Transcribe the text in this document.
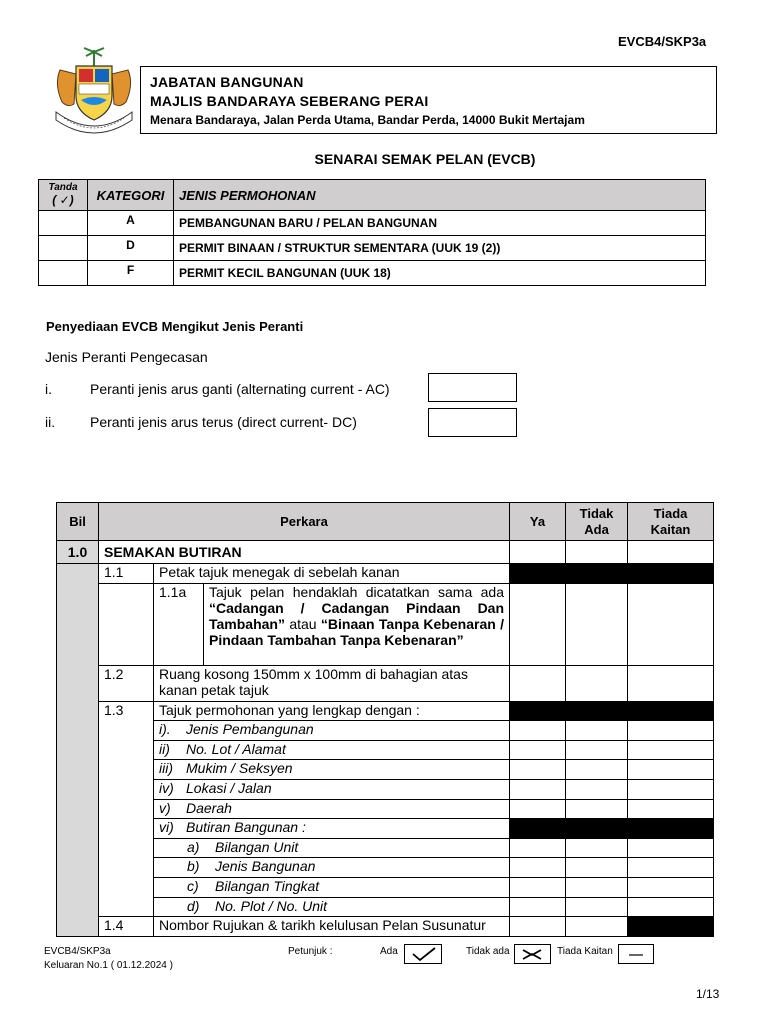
EVCB4/SKP3a
JABATAN BANGUNAN
MAJLIS BANDARAYA SEBERANG PERAI
Menara Bandaraya, Jalan Perda Utama, Bandar Perda, 14000 Bukit Mertajam
SENARAI SEMAK PELAN (EVCB)
Tanda
( ✓)	KATEGORI	JENIS PERMOHONAN
	A	PEMBANGUNAN BARU / PELAN BANGUNAN
	D	PERMIT BINAAN / STRUKTUR SEMENTARA (UUK 19 (2))
	F	PERMIT KECIL BANGUNAN (UUK 18)
Penyediaan EVCB Mengikut Jenis Peranti
Jenis Peranti Pengecasan
i.	Peranti jenis arus ganti (alternating current - AC)
ii. Peranti jenis arus terus (direct current- DC)
Bil	Perkara			Ya	Tidak Ada	Tiada Kaitan
1.0	SEMAKAN BUTIRAN					
	1.1	Petak tajuk menegak di sebelah kanan				
		1.1a	Tajuk pelan hendaklah dicatatkan sama ada “Cadangan / Cadangan Pindaan Dan Tambahan” atau “Binaan Tanpa Kebenaran / Pindaan Tambahan Tanpa Kebenaran”			
	1.2	Ruang kosong 150mm x 100mm di bahagian atas kanan petak tajuk				
	1.3	Tajuk permohonan yang lengkap dengan :				
		i). Jenis Pembangunan				
		ii) No. Lot / Alamat				
		iii) Mukim / Seksyen				
		iv) Lokasi / Jalan				
		v) Daerah				
		vi) Butiran Bangunan :				
		a) Bilangan Unit				
		b) Jenis Bangunan				
		c) Bilangan Tingkat				
		d) No. Plot / No. Unit				
	1.4	Nombor Rujukan & tarikh kelulusan Pelan Susunatur				
EVCB4/SKP3a
Keluaran No.1 ( 01.12.2024 )
Petunjuk :	Ada	Tidak ada	Tiada Kaitan
1/13
